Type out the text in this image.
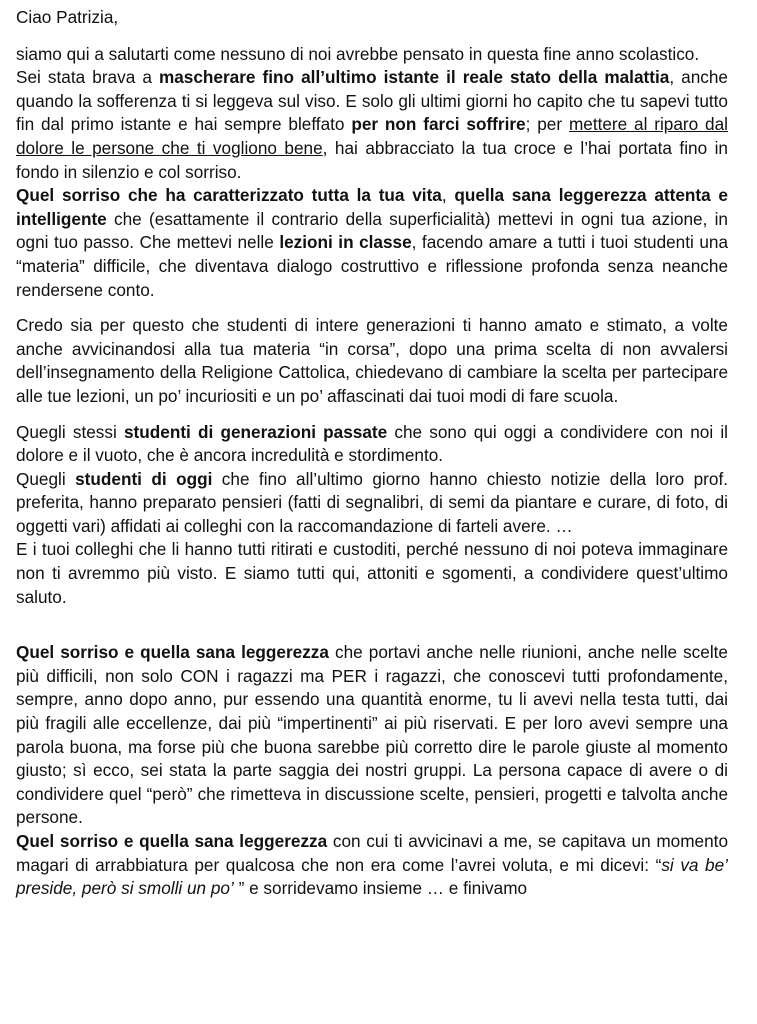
Ciao Patrizia,

siamo qui a salutarti come nessuno di noi avrebbe pensato in questa fine anno scolastico.

Sei stata brava a mascherare fino all’ultimo istante il reale stato della malattia, anche quando la sofferenza ti si leggeva sul viso. E solo gli ultimi giorni ho capito che tu sapevi tutto fin dal primo istante e hai sempre bleffato per non farci soffrire; per mettere al riparo dal dolore le persone che ti vogliono bene, hai abbracciato la tua croce e l’hai portata fino in fondo in silenzio e col sorriso.

Quel sorriso che ha caratterizzato tutta la tua vita, quella sana leggerezza attenta e intelligente che (esattamente il contrario della superficialità) mettevi in ogni tua azione, in ogni tuo passo. Che mettevi nelle lezioni in classe, facendo amare a tutti i tuoi studenti una “materia” difficile, che diventava dialogo costruttivo e riflessione profonda senza neanche rendersene conto.

Credo sia per questo che studenti di intere generazioni ti hanno amato e stimato, a volte anche avvicinandosi alla tua materia “in corsa”, dopo una prima scelta di non avvalersi dell’insegnamento della Religione Cattolica, chiedevano di cambiare la scelta per partecipare alle tue lezioni, un po’ incuriositi e un po’ affascinati dai tuoi modi di fare scuola.

Quegli stessi studenti di generazioni passate che sono qui oggi a condividere con noi il dolore e il vuoto, che è ancora incredulità e stordimento.

Quegli studenti di oggi che fino all’ultimo giorno hanno chiesto notizie della loro prof. preferita, hanno preparato pensieri (fatti di segnalibri, di semi da piantare e curare, di foto, di oggetti vari) affidati ai colleghi con la raccomandazione di farteli avere. …

E i tuoi colleghi che li hanno tutti ritirati e custoditi, perché nessuno di noi poteva immaginare non ti avremmo più visto. E siamo tutti qui, attoniti e sgomenti, a condividere quest’ultimo saluto.

Quel sorriso e quella sana leggerezza che portavi anche nelle riunioni, anche nelle scelte più difficili, non solo CON i ragazzi ma PER i ragazzi, che conoscevi tutti profondamente, sempre, anno dopo anno, pur essendo una quantità enorme, tu li avevi nella testa tutti, dai più fragili alle eccellenze, dai più “impertinenti” ai più riservati. E per loro avevi sempre una parola buona, ma forse più che buona sarebbe più corretto dire le parole giuste al momento giusto; sì ecco, sei stata la parte saggia dei nostri gruppi. La persona capace di avere o di condividere quel “però” che rimetteva in discussione scelte, pensieri, progetti e talvolta anche persone.

Quel sorriso e quella sana leggerezza con cui ti avvicinavi a me, se capitava un momento magari di arrabbiatura per qualcosa che non era come l’avrei voluta, e mi dicevi: “si va be’ preside, però si smolli un po’ ” e sorridevamo insieme … e finivamo
